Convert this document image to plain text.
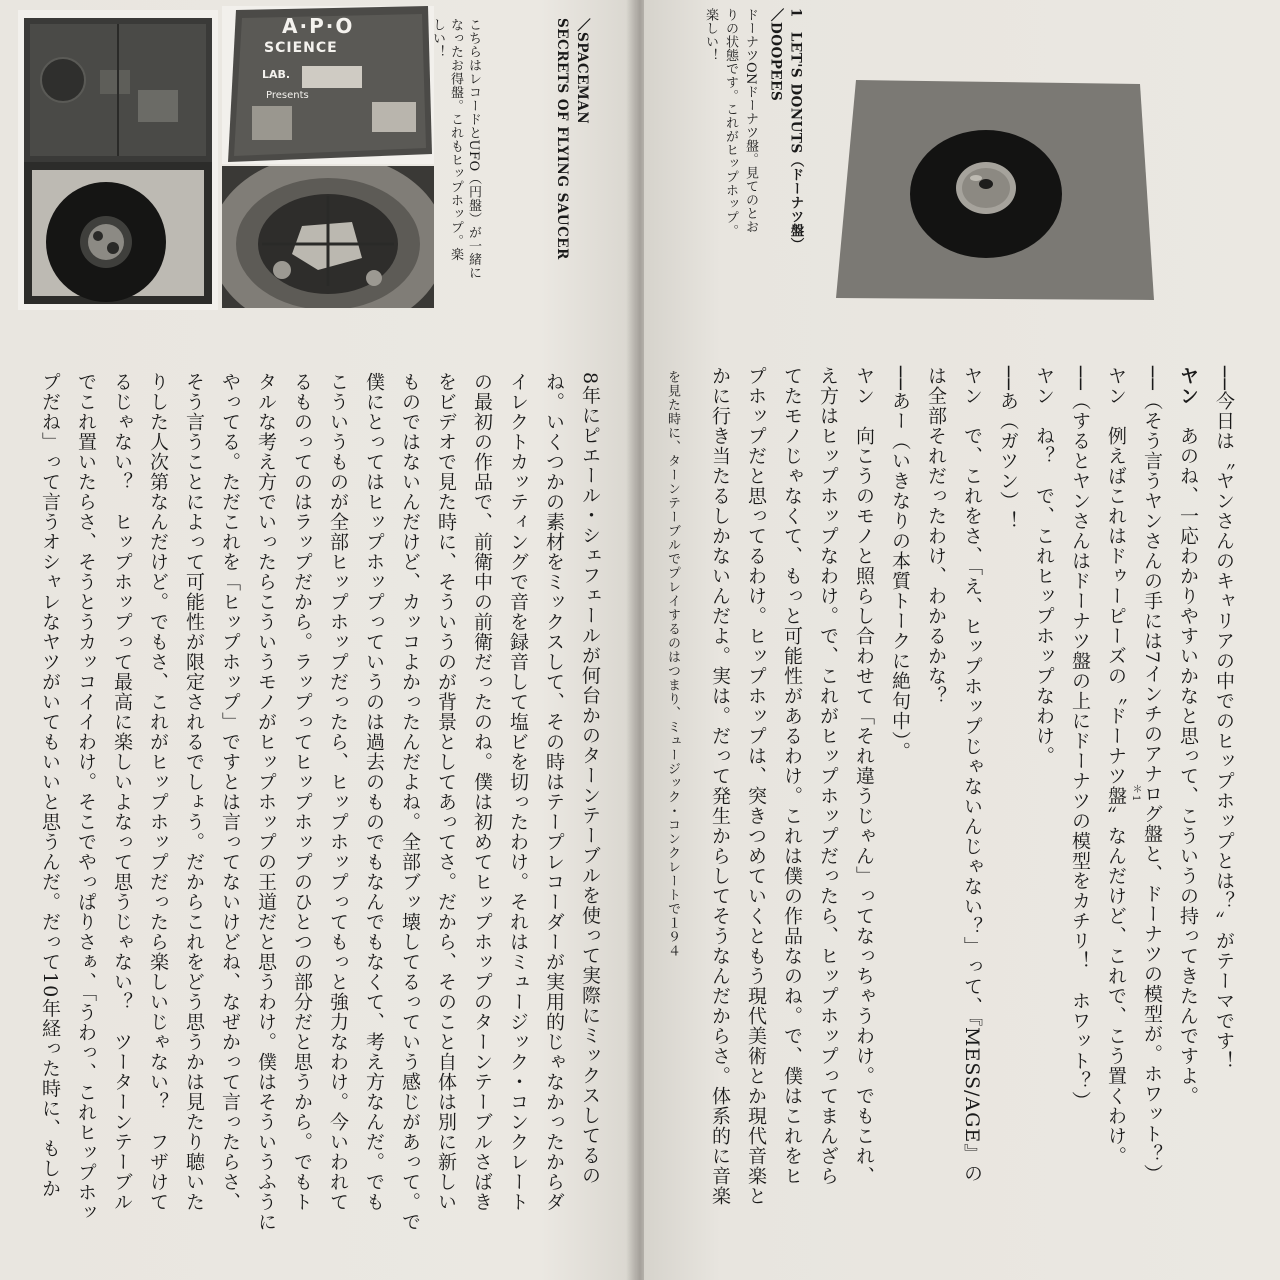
A·P·O
SCIENCE
LAB.
Presents	SECRETS OF FLYING SAUCER ／SPACEMAN
こちらはレコードとUFO（円盤）が一緒に
なったお得盤。これもヒップホップ。楽
しい！
8年にピエール・シェフェールが何台かのターンテーブルを使って実際にミックスしてるの
ね。いくつかの素材をミックスして、その時はテープレコーダーが実用的じゃなかったからダ
イレクトカッティングで音を録音して塩ビを切ったわけ。それはミュージック・コンクレート
の最初の作品で、前衛中の前衛だったのね。僕は初めてヒップホップのターンテーブルさばき
をビデオで見た時に、そういうのが背景としてあってさ。だから、そのこと自体は別に新しい
ものではないんだけど、カッコよかったんだよね。全部ブッ壊してるっていう感じがあって。で
僕にとってはヒップホップっていうのは過去のものでもなんでもなくて、考え方なんだ。でも
こういうものが全部ヒップホップだったら、ヒップホップってもっと強力なわけ。今いわれて
るものってのはラップだから。ラップってヒップホップのひとつの部分だと思うから。でもト
タルな考え方でいったらこういうモノがヒップホップの王道だと思うわけ。僕はそういうふうに
やってる。ただこれを「ヒップホップ」ですとは言ってないけどね、なぜかって言ったらさ、
そう言うことによって可能性が限定されるでしょう。だからこれをどう思うかは見たり聴いた
りした人次第なんだけど。でもさ、これがヒップホップだったら楽しいじゃない？　フザけて
るじゃない？　ヒップホップって最高に楽しいよなって思うじゃない？　ツーターンテーブル
でこれ置いたらさ、そうとうカッコイイわけ。そこでやっぱりさぁ、「うわっ、これヒップホッ
プだね」って言うオシャレなヤツがいてもいいと思うんだ。だって10年経った時に、もしか
1　LET'S DONUTS（ドーナツ盤）
／DOOPEES
ドーナツONドーナツ盤。見てのとお
りの状態です。これがヒップホップ。
楽しい！
──今日は〝ヤンさんのキャリアの中でのヒップホップとは？〟がテーマです！
ヤン　あのね、一応わかりやすいかなと思って、こういうの持ってきたんですよ。
──（そう言うヤンさんの手には7インチのアナログ盤と、ドーナツの模型が。ホワット？）
ヤン　例えばこれはドゥーピーズの〝ドーナツ盤〟なんだけど、これで、こう置くわけ。
──（するとヤンさんはドーナツ盤の上にドーナツの模型をカチリ！　ホワット？）
ヤン　ね？　で、これヒップホップなわけ。
──あ（ガツン）！
ヤン　で、これをさ、「え、ヒップホップじゃないんじゃない？」って、『MESS/AGE』の
は全部それだったわけ、わかるかな？
──あー（いきなりの本質トークに絶句中）。
ヤン　向こうのモノと照らし合わせて「それ違うじゃん」ってなっちゃうわけ。でもこれ、
え方はヒップホップなわけ。で、これがヒップホップだったら、ヒップホップってまんざら
てたモノじゃなくて、もっと可能性があるわけ。これは僕の作品なのね。で、僕はこれをヒ
プホップだと思ってるわけ。ヒップホップは、突きつめていくともう現代美術とか現代音楽と
かに行き当たるしかないんだよ。実は。だって発生からしてそうなんだからさ。体系的に音楽
を見た時に、ターンテーブルでプレイするのはつまり、ミュージック・コンクレートで１９４	＊1
